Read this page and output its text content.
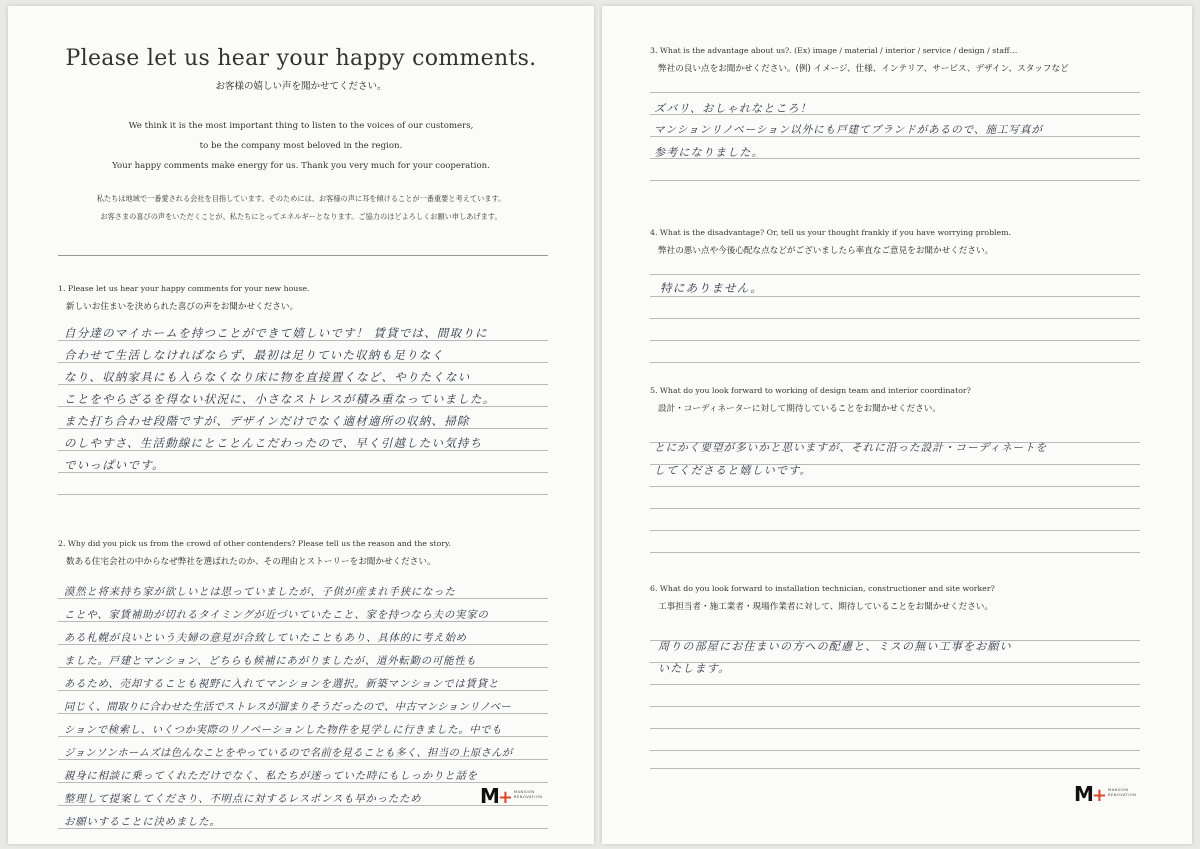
Please let us hear your happy comments.
お客様の嬉しい声を聞かせてください。
We think it is the most important thing to listen to the voices of our customers,
to be the company most beloved in the region.
Your happy comments make energy for us. Thank you very much for your cooperation.
私たちは地域で一番愛される会社を目指しています。そのためには、お客様の声に耳を傾けることが一番重要と考えています。
お客さまの喜びの声をいただくことが、私たちにとってエネルギーとなります。ご協力のほどよろしくお願い申しあげます。
1. Please let us hear your happy comments for your new house.
新しいお住まいを決められた喜びの声をお聞かせください。
自分達のマイホームを持つことができて嬉しいです！ 賃貸では、間取りに
合わせて生活しなければならず、最初は足りていた収納も足りなく
なり、収納家具にも入らなくなり床に物を直接置くなど、やりたくない
ことをやらざるを得ない状況に、小さなストレスが積み重なっていました。
また打ち合わせ段階ですが、デザインだけでなく適材適所の収納、掃除
のしやすさ、生活動線にとことんこだわったので、早く引越したい気持ち
でいっぱいです。
2. Why did you pick us from the crowd of other contenders? Please tell us the reason and the story.
数ある住宅会社の中からなぜ弊社を選ばれたのか、その理由とストーリーをお聞かせください。
漠然と将来持ち家が欲しいとは思っていましたが、子供が産まれ手狭になった
ことや、家賃補助が切れるタイミングが近づいていたこと、家を持つなら夫の実家の
ある札幌が良いという夫婦の意見が合致していたこともあり、具体的に考え始め
ました。戸建とマンション、どちらも候補にあがりましたが、道外転勤の可能性も
あるため、売却することも視野に入れてマンションを選択。新築マンションでは賃貸と
同じく、間取りに合わせた生活でストレスが溜まりそうだったので、中古マンションリノベー
ションで検索し、いくつか実際のリノベーションした物件を見学しに行きました。中でも
ジョンソンホームズは色んなことをやっているので名前を見ることも多く、担当の上原さんが
親身に相談に乗ってくれただけでなく、私たちが迷っていた時にもしっかりと話を
整理して提案してくださり、不明点に対するレスポンスも早かったため
お願いすることに決めました。
M+ MANSION
RENOVATION
3. What is the advantage about us?. (Ex) image / material / interior / service / design / staff…
弊社の良い点をお聞かせください。(例) イメージ、仕様、インテリア、サービス、デザイン、スタッフなど
ズバリ、おしゃれなところ！
マンションリノベーション以外にも戸建てブランドがあるので、施工写真が
参考になりました。
4. What is the disadvantage? Or, tell us your thought frankly if you have worrying problem.
弊社の悪い点や今後心配な点などがございましたら率直なご意見をお聞かせください。
特にありません。
5. What do you look forward to working of design team and interior coordinator?
設計・コーディネーターに対して期待していることをお聞かせください。
とにかく要望が多いかと思いますが、それに沿った設計・コーディネートを
してくださると嬉しいです。
6. What do you look forward to installation technician, constructioner and site worker?
工事担当者・施工業者・現場作業者に対して、期待していることをお聞かせください。
周りの部屋にお住まいの方への配慮と、ミスの無い工事をお願い
いたします。
M+ MANSION
RENOVATION
